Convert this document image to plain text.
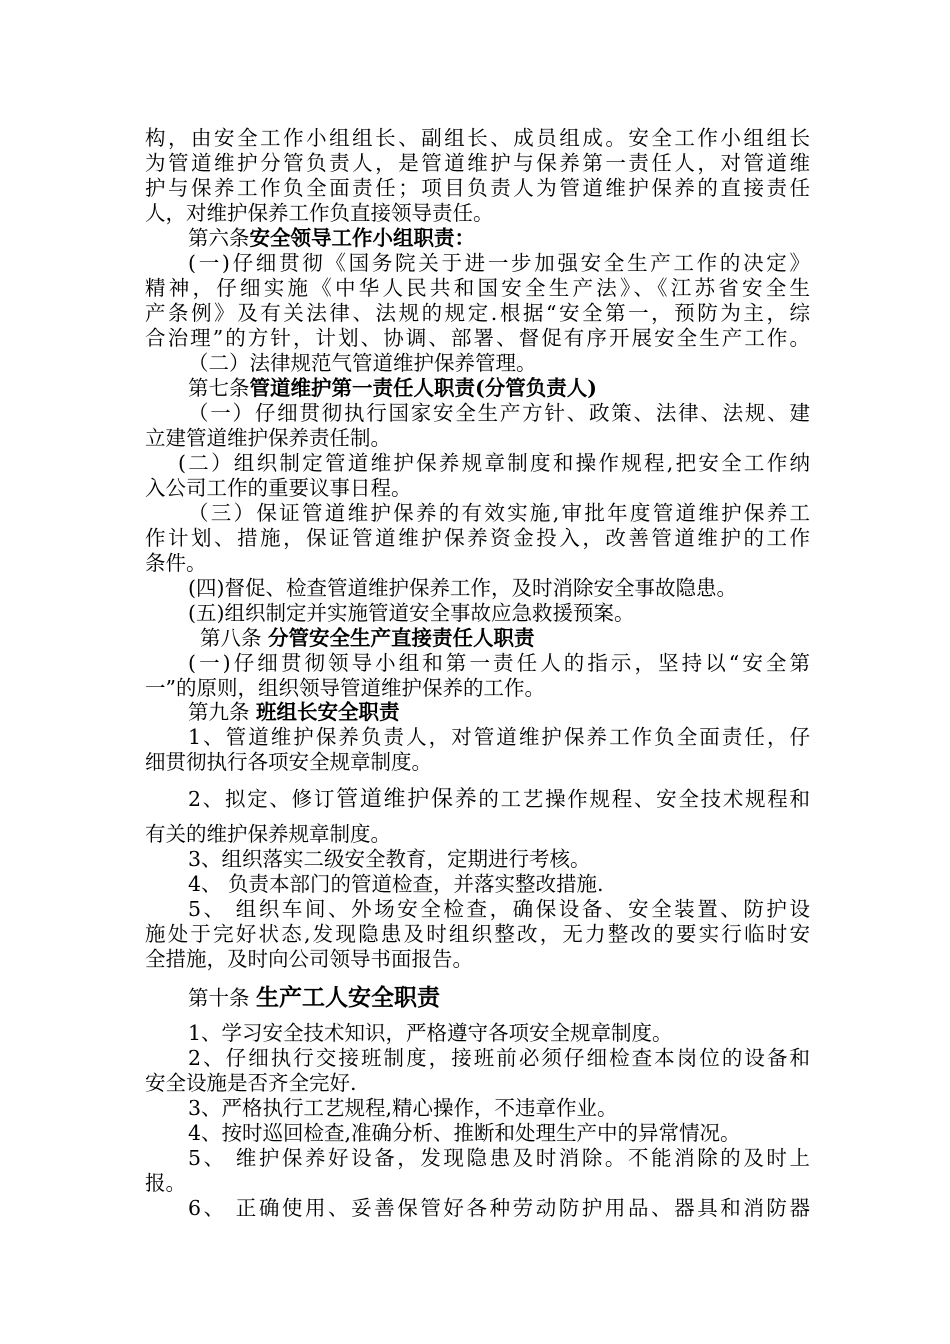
构，由安全工作小组组长、副组长、成员组成。安全工作小组组长
为管道维护分管负责人，是管道维护与保养第一责任人，对管道维
护与保养工作负全面责任；项目负责人为管道维护保养的直接责任
人，对维护保养工作负直接领导责任。
第六条安全领导工作小组职责：
(一)仔细贯彻《国务院关于进一步加强安全生产工作的决定》
精神，仔细实施《中华人民共和国安全生产法》、《江苏省安全生
产条例》及有关法律、法规的规定.根据“安全第一，预防为主，综
合治理”的方针，计划、协调、部署、督促有序开展安全生产工作。
（二）法律规范气管道维护保养管理。
第七条管道维护第一责任人职责(分管负责人)
（一）仔细贯彻执行国家安全生产方针、政策、法律、法规、建
立建管道维护保养责任制。
(二）组织制定管道维护保养规章制度和操作规程,把安全工作纳
入公司工作的重要议事日程。
（三）保证管道维护保养的有效实施,审批年度管道维护保养工
作计划、措施，保证管道维护保养资金投入，改善管道维护的工作
条件。
(四)督促、检查管道维护保养工作，及时消除安全事故隐患。
(五)组织制定并实施管道安全事故应急救援预案。
第八条 分管安全生产直接责任人职责
(一)仔细贯彻领导小组和第一责任人的指示，坚持以“安全第
一”的原则，组织领导管道维护保养的工作。
第九条 班组长安全职责
1、管道维护保养负责人，对管道维护保养工作负全面责任，仔
细贯彻执行各项安全规章制度。
2、拟定、修订管道维护保养的工艺操作规程、安全技术规程和
有关的维护保养规章制度。
3、组织落实二级安全教育，定期进行考核。
4、 负责本部门的管道检查，并落实整改措施.
5、 组织车间、外场安全检查，确保设备、安全装置、防护设
施处于完好状态,发现隐患及时组织整改，无力整改的要实行临时安
全措施，及时向公司领导书面报告。
第十条 生产工人安全职责
1、学习安全技术知识，严格遵守各项安全规章制度。
2、仔细执行交接班制度，接班前必须仔细检查本岗位的设备和
安全设施是否齐全完好.
3、严格执行工艺规程,精心操作，不违章作业。
4、按时巡回检查,准确分析、推断和处理生产中的异常情况。
5、 维护保养好设备，发现隐患及时消除。不能消除的及时上
报。
6、 正确使用、妥善保管好各种劳动防护用品、器具和消防器
